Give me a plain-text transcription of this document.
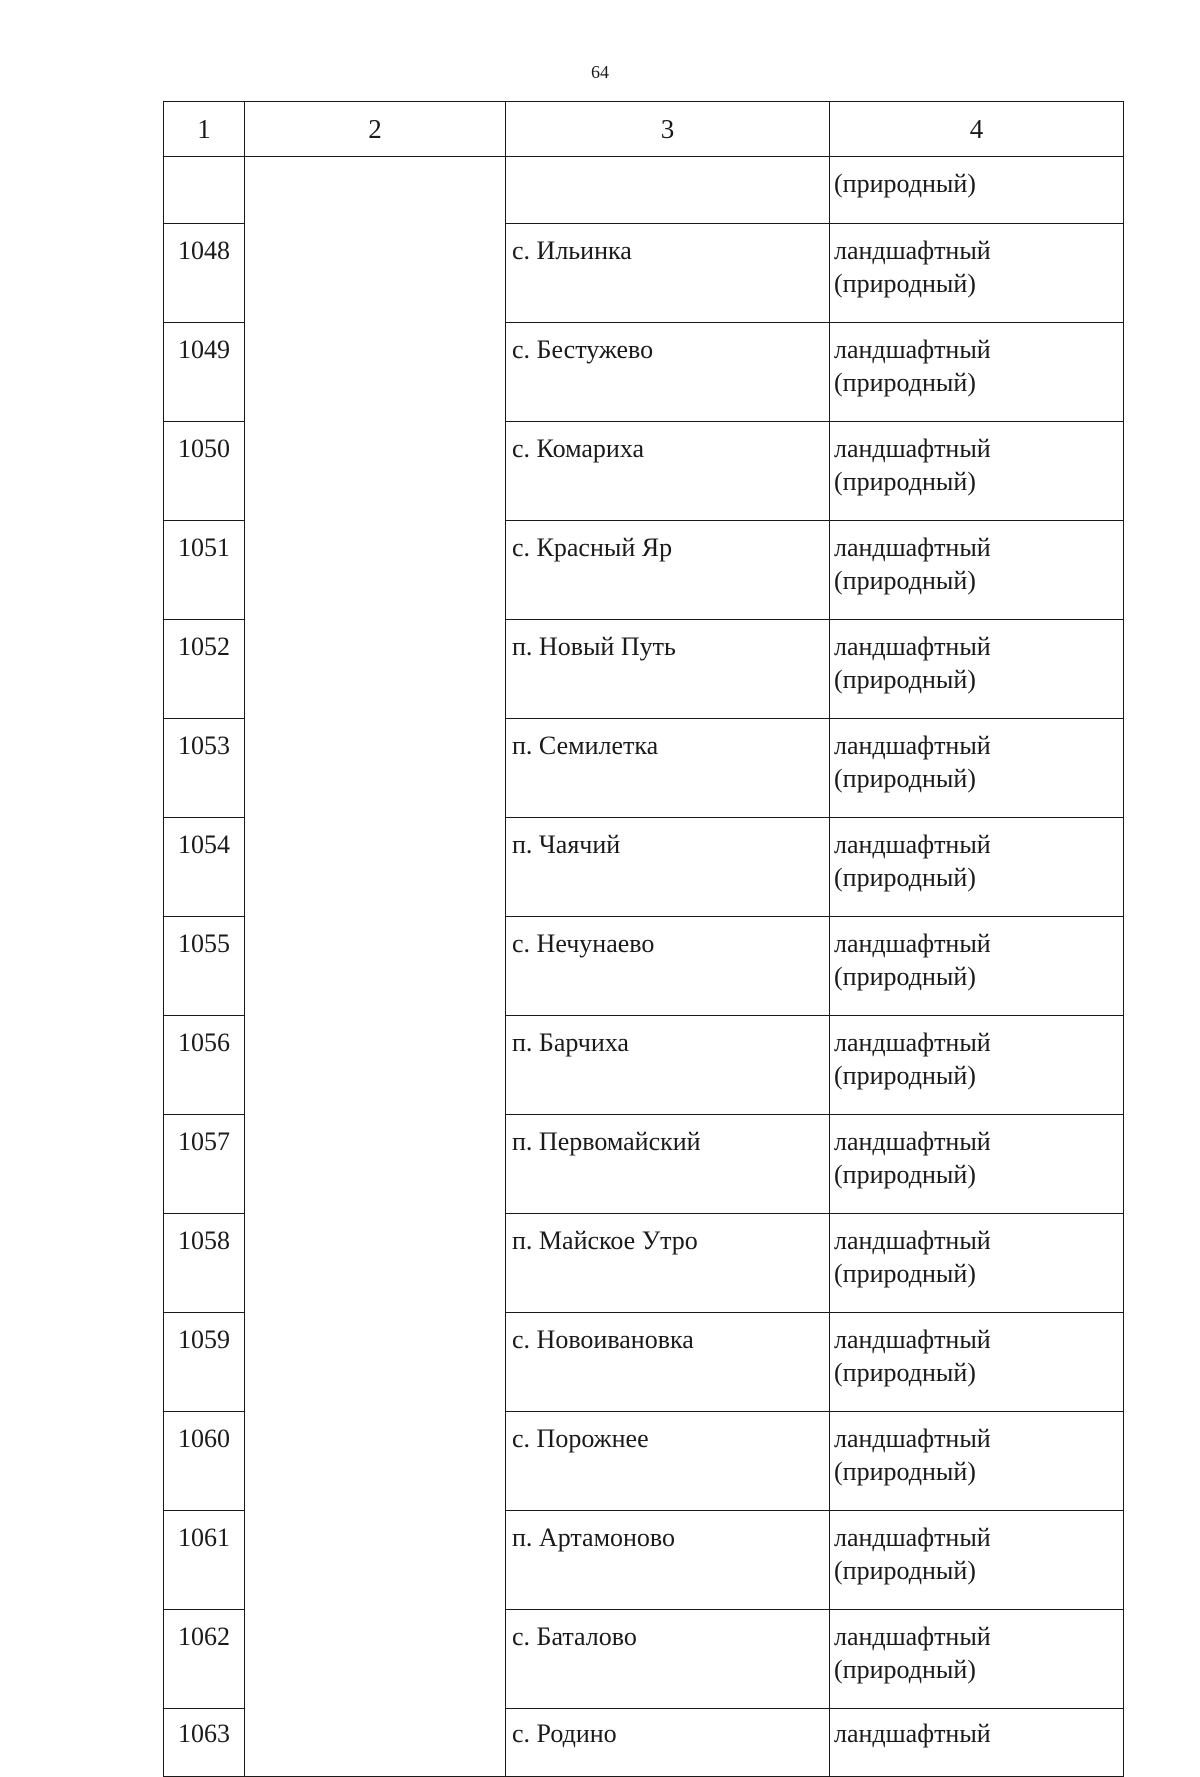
64
1	2	3	4

			(природный)

1048		с. Ильинка	ландшафтный
(природный)

1049		с. Бестужево	ландшафтный
(природный)

1050		с. Комариха	ландшафтный
(природный)

1051		с. Красный Яр	ландшафтный
(природный)

1052		п. Новый Путь	ландшафтный
(природный)

1053		п. Семилетка	ландшафтный
(природный)

1054		п. Чаячий	ландшафтный
(природный)

1055		с. Нечунаево	ландшафтный
(природный)

1056		п. Барчиха	ландшафтный
(природный)

1057		п. Первомайский	ландшафтный
(природный)

1058		п. Майское Утро	ландшафтный
(природный)

1059		с. Новоивановка	ландшафтный
(природный)

1060		с. Порожнее	ландшафтный
(природный)

1061		п. Артамоново	ландшафтный
(природный)

1062		с. Баталово	ландшафтный
(природный)

1063		с. Родино	ландшафтный
